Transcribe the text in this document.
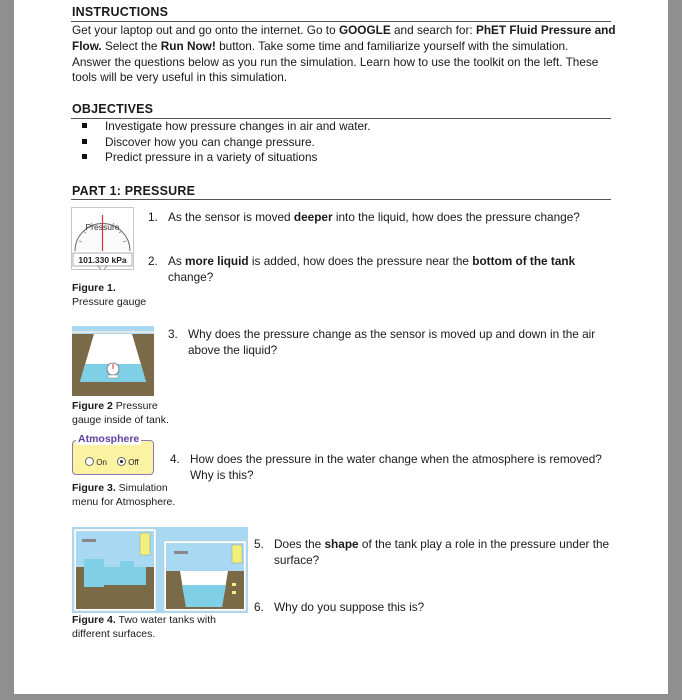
INSTRUCTIONS
Get your laptop out and go onto the internet. Go to GOOGLE and search for: PhET Fluid Pressure and
Flow. Select the Run Now! button. Take some time and familiarize yourself with the simulation.
Answer the questions below as you run the simulation. Learn how to use the toolkit on the left. These
tools will be very useful in this simulation.
OBJECTIVES
Investigate how pressure changes in air and water.
Discover how you can change pressure.
Predict pressure in a variety of situations
PART 1: PRESSURE
Pressure
101.330 kPa
Figure 1.
Pressure gauge
Figure 2 Pressure
gauge inside of tank.
Atmosphere
On	Off
Figure 3. Simulation
menu for Atmosphere.
Figure 4. Two water tanks with
different surfaces.
1. As the sensor is moved deeper into the liquid, how does the pressure change?
2. As more liquid is added, how does the pressure near the bottom of the tank
change?
3. Why does the pressure change as the sensor is moved up and down in the air
above the liquid?
4. How does the pressure in the water change when the atmosphere is removed?
Why is this?
5. Does the shape of the tank play a role in the pressure under the
surface?
6. Why do you suppose this is?
